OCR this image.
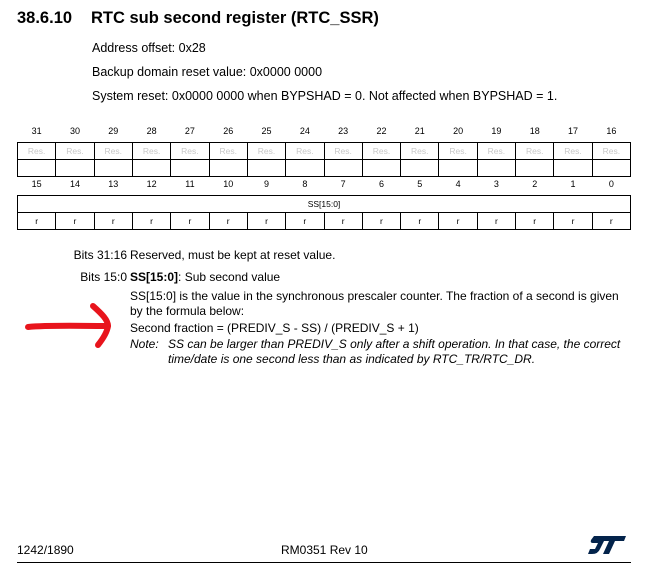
38.6.10 RTC sub second register (RTC_SSR)
Address offset: 0x28
Backup domain reset value: 0x0000 0000
System reset: 0x0000 0000 when BYPSHAD = 0. Not affected when BYPSHAD = 1.
31	30	29	28	27	26	25	24	23	22	21	20	19	18	17	16
Res.	Res.	Res.	Res.	Res.	Res.	Res.	Res.	Res.	Res.	Res.	Res.	Res.	Res.	Res.	Res.

15	14	13	12	11	10	9	8	7	6	5	4	3	2	1	0
SS[15:0]															
r	r	r	r	r	r	r	r	r	r	r	r	r	r	r	r
Bits 31:16 Reserved, must be kept at reset value.
Bits 15:0 SS[15:0]: Sub second value
SS[15:0] is the value in the synchronous prescaler counter. The fraction of a second is given by the formula below:
Second fraction = (PREDIV_S - SS) / (PREDIV_S + 1)
Note: SS can be larger than PREDIV_S only after a shift operation. In that case, the correct time/date is one second less than as indicated by RTC_TR/RTC_DR.
1242/1890	RM0351 Rev 10
